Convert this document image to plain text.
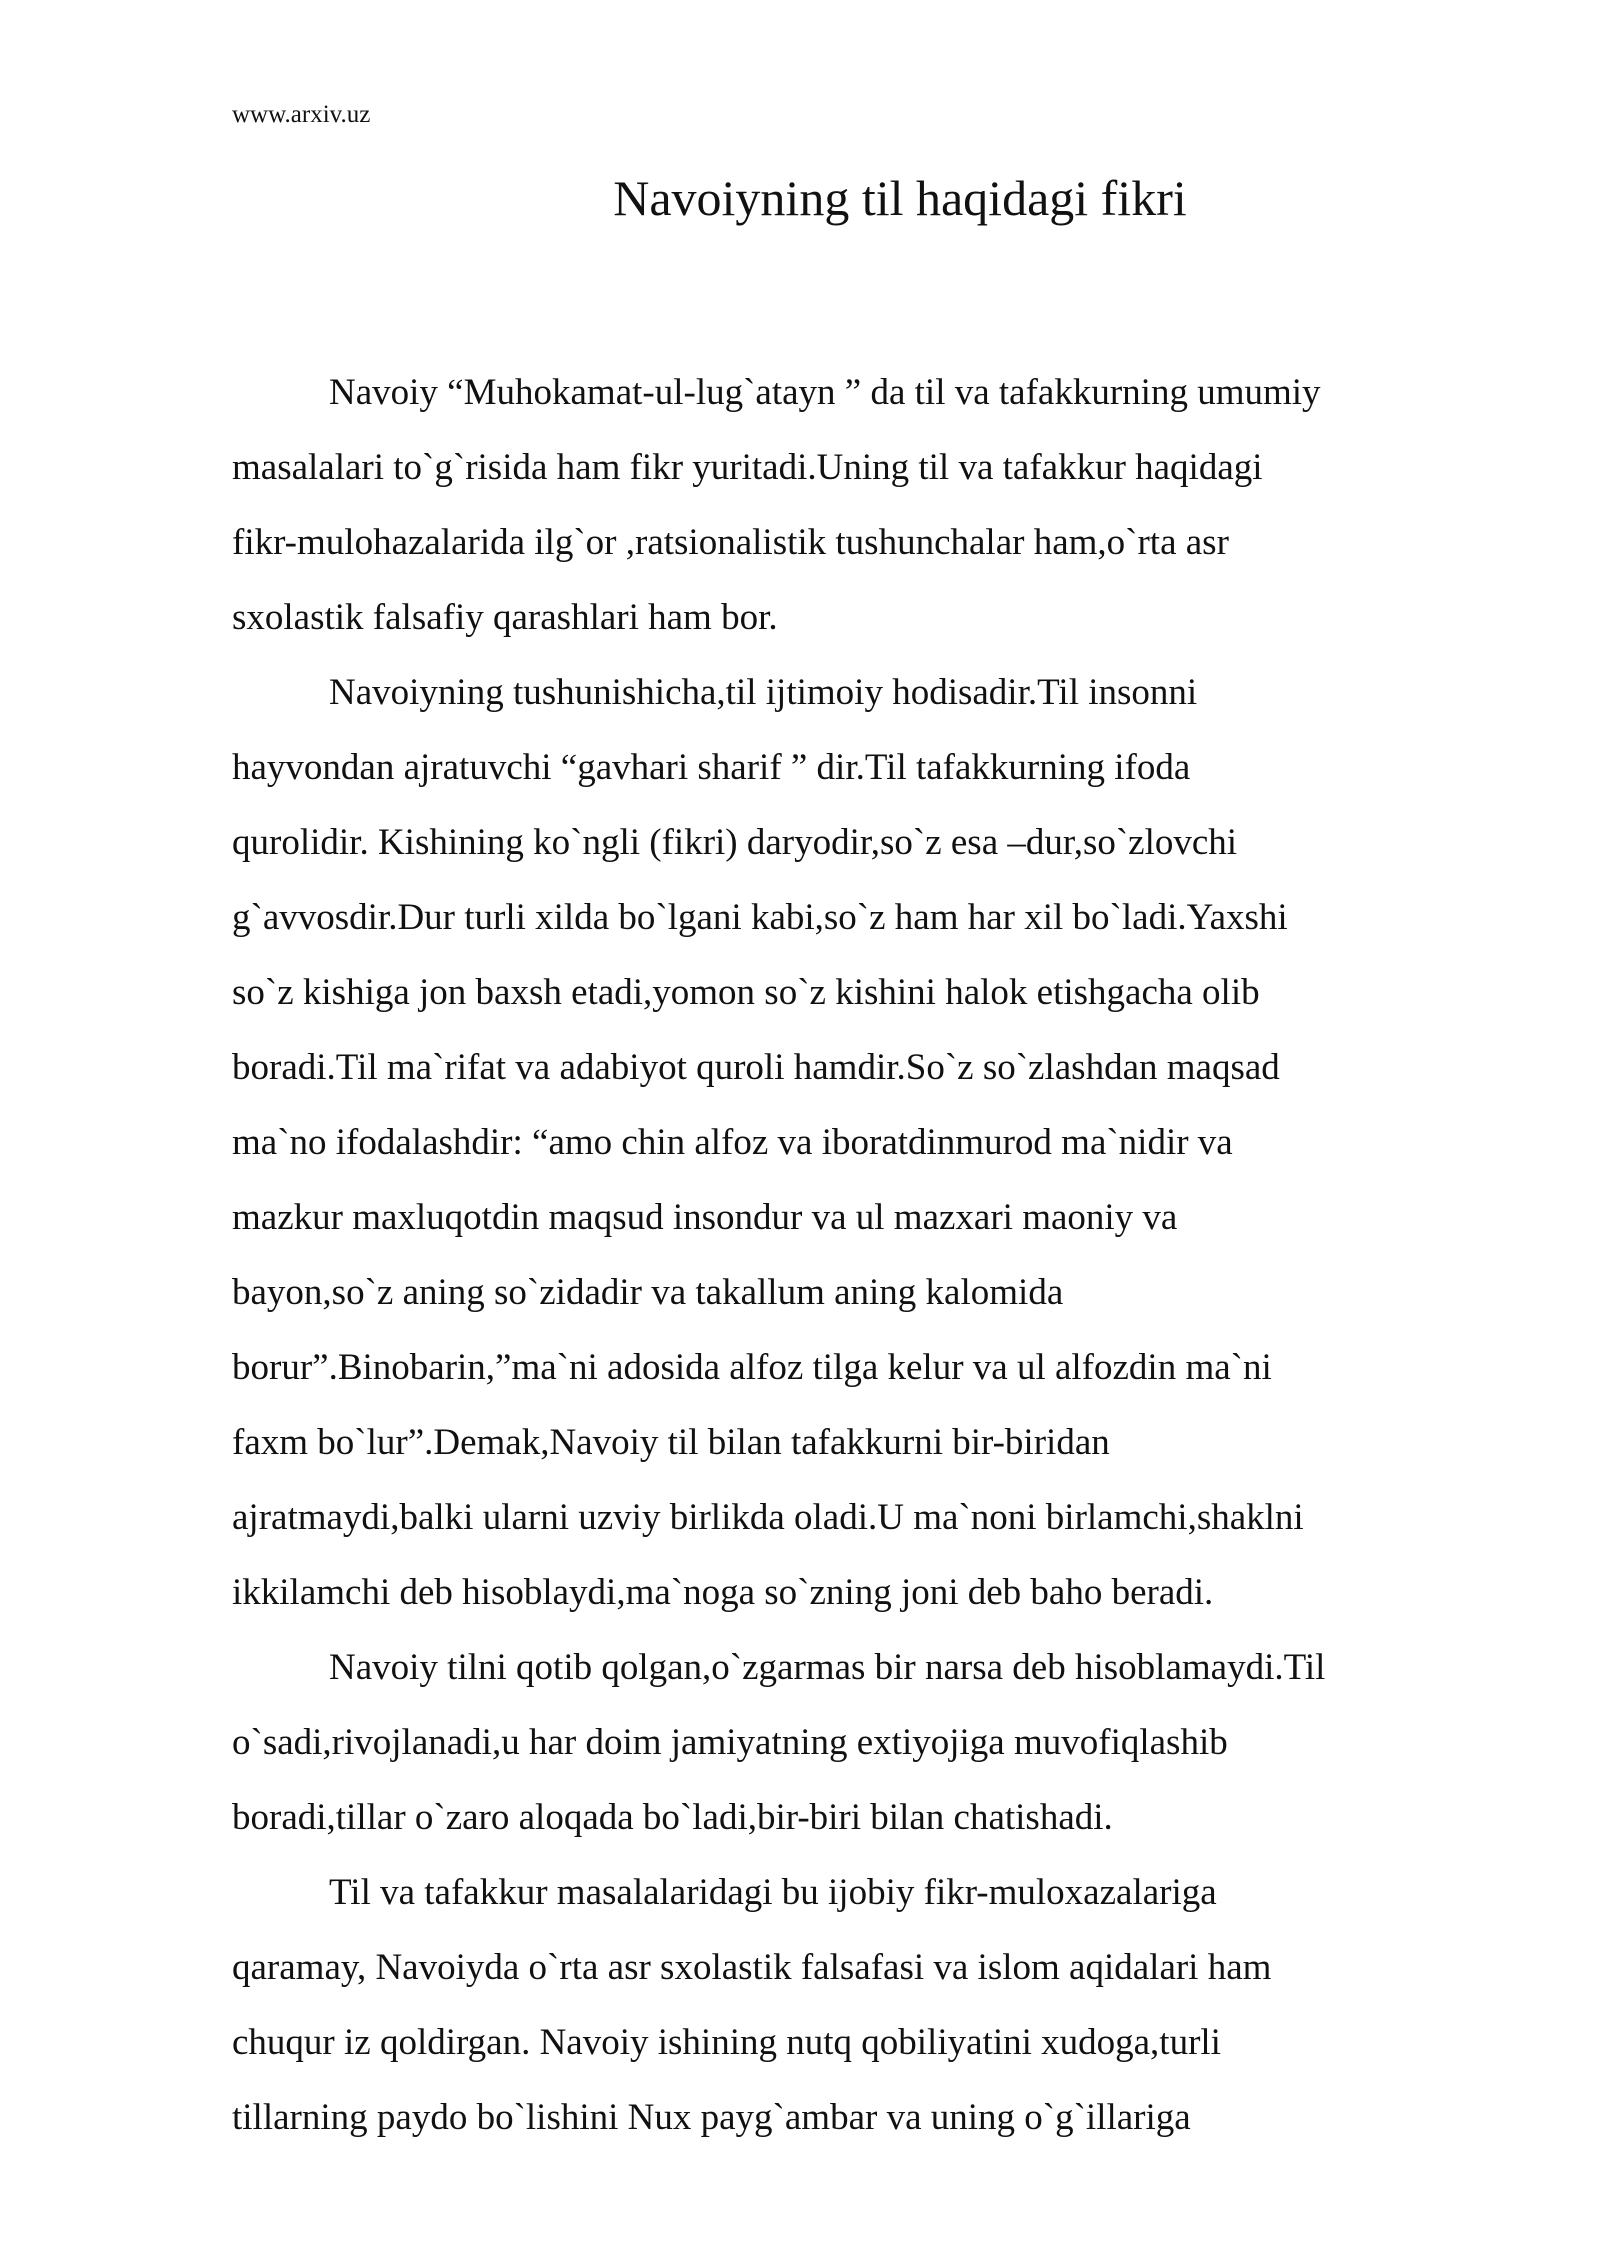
www.arxiv.uz
Navoiyning til haqidagi fikri

Navoiy “Muhokamat-ul-lug`atayn ” da til va tafakkurning umumiy
masalalari to`g`risida ham fikr yuritadi.Uning til va tafakkur haqidagi
fikr-mulohazalarida ilg`or ,ratsionalistik tushunchalar ham,o`rta asr
sxolastik falsafiy qarashlari ham bor.

Navoiyning tushunishicha,til ijtimoiy hodisadir.Til insonni
hayvondan ajratuvchi “gavhari sharif ” dir.Til tafakkurning ifoda
qurolidir. Kishining ko`ngli (fikri) daryodir,so`z esa –dur,so`zlovchi
g`avvosdir.Dur turli xilda bo`lgani kabi,so`z ham har xil bo`ladi.Yaxshi
so`z kishiga jon baxsh etadi,yomon so`z kishini halok etishgacha olib
boradi.Til ma`rifat va adabiyot quroli hamdir.So`z so`zlashdan maqsad
ma`no ifodalashdir: “amo chin alfoz va iboratdinmurod ma`nidir va
mazkur maxluqotdin maqsud insondur va ul mazxari maoniy va
bayon,so`z aning so`zidadir va takallum aning kalomida
borur”.Binobarin,”ma`ni adosida alfoz tilga kelur va ul alfozdin ma`ni
faxm bo`lur”.Demak,Navoiy til bilan tafakkurni bir-biridan
ajratmaydi,balki ularni uzviy birlikda oladi.U ma`noni birlamchi,shaklni
ikkilamchi deb hisoblaydi,ma`noga so`zning joni deb baho beradi.

Navoiy tilni qotib qolgan,o`zgarmas bir narsa deb hisoblamaydi.Til
o`sadi,rivojlanadi,u har doim jamiyatning extiyojiga muvofiqlashib
boradi,tillar o`zaro aloqada bo`ladi,bir-biri bilan chatishadi.

Til va tafakkur masalalaridagi bu ijobiy fikr-muloxazalariga
qaramay, Navoiyda o`rta asr sxolastik falsafasi va islom aqidalari ham
chuqur iz qoldirgan. Navoiy ishining nutq qobiliyatini xudoga,turli
tillarning paydo bo`lishini Nux payg`ambar va uning o`g`illariga
